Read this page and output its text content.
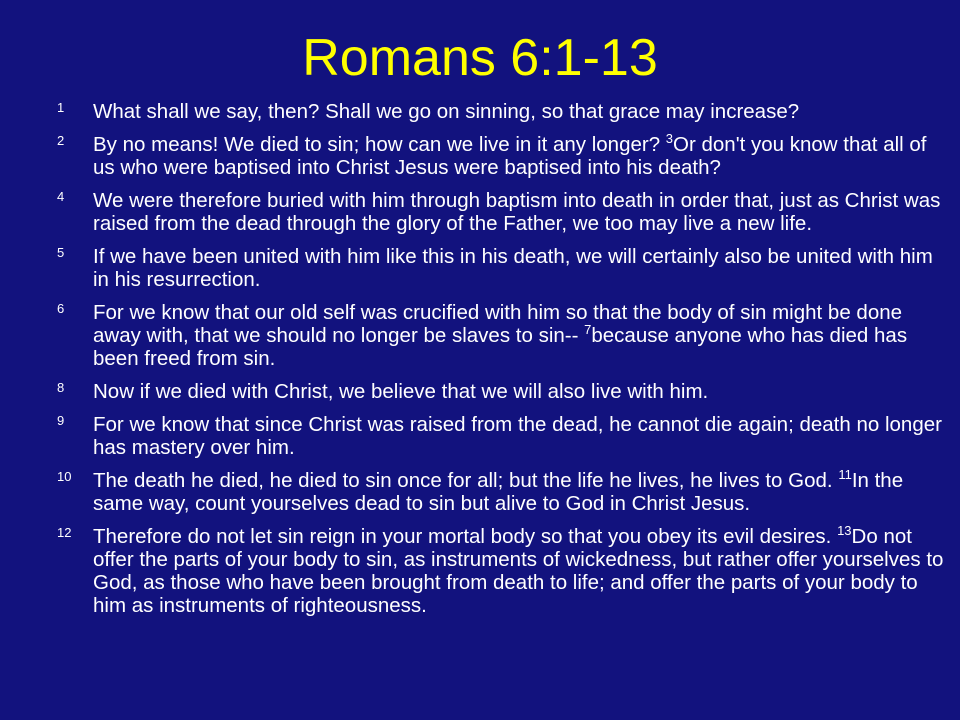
Romans 6:1-13
1 What shall we say, then? Shall we go on sinning, so that grace may increase?
2 By no means! We died to sin; how can we live in it any longer? $^3$Or don't you know that all of us who were baptised into Christ Jesus were baptised into his death?
4 We were therefore buried with him through baptism into death in order that, just as Christ was raised from the dead through the glory of the Father, we too may live a new life.
5 If we have been united with him like this in his death, we will certainly also be united with him in his resurrection.
6 For we know that our old self was crucified with him so that the body of sin might be done away with, that we should no longer be slaves to sin-- $^7$because anyone who has died has been freed from sin.
8 Now if we died with Christ, we believe that we will also live with him.
9 For we know that since Christ was raised from the dead, he cannot die again; death no longer has mastery over him.
10 The death he died, he died to sin once for all; but the life he lives, he lives to God. $^{11}$In the same way, count yourselves dead to sin but alive to God in Christ Jesus.
12 Therefore do not let sin reign in your mortal body so that you obey its evil desires. $^{13}$Do not offer the parts of your body to sin, as instruments of wickedness, but rather offer yourselves to God, as those who have been brought from death to life; and offer the parts of your body to him as instruments of righteousness.
